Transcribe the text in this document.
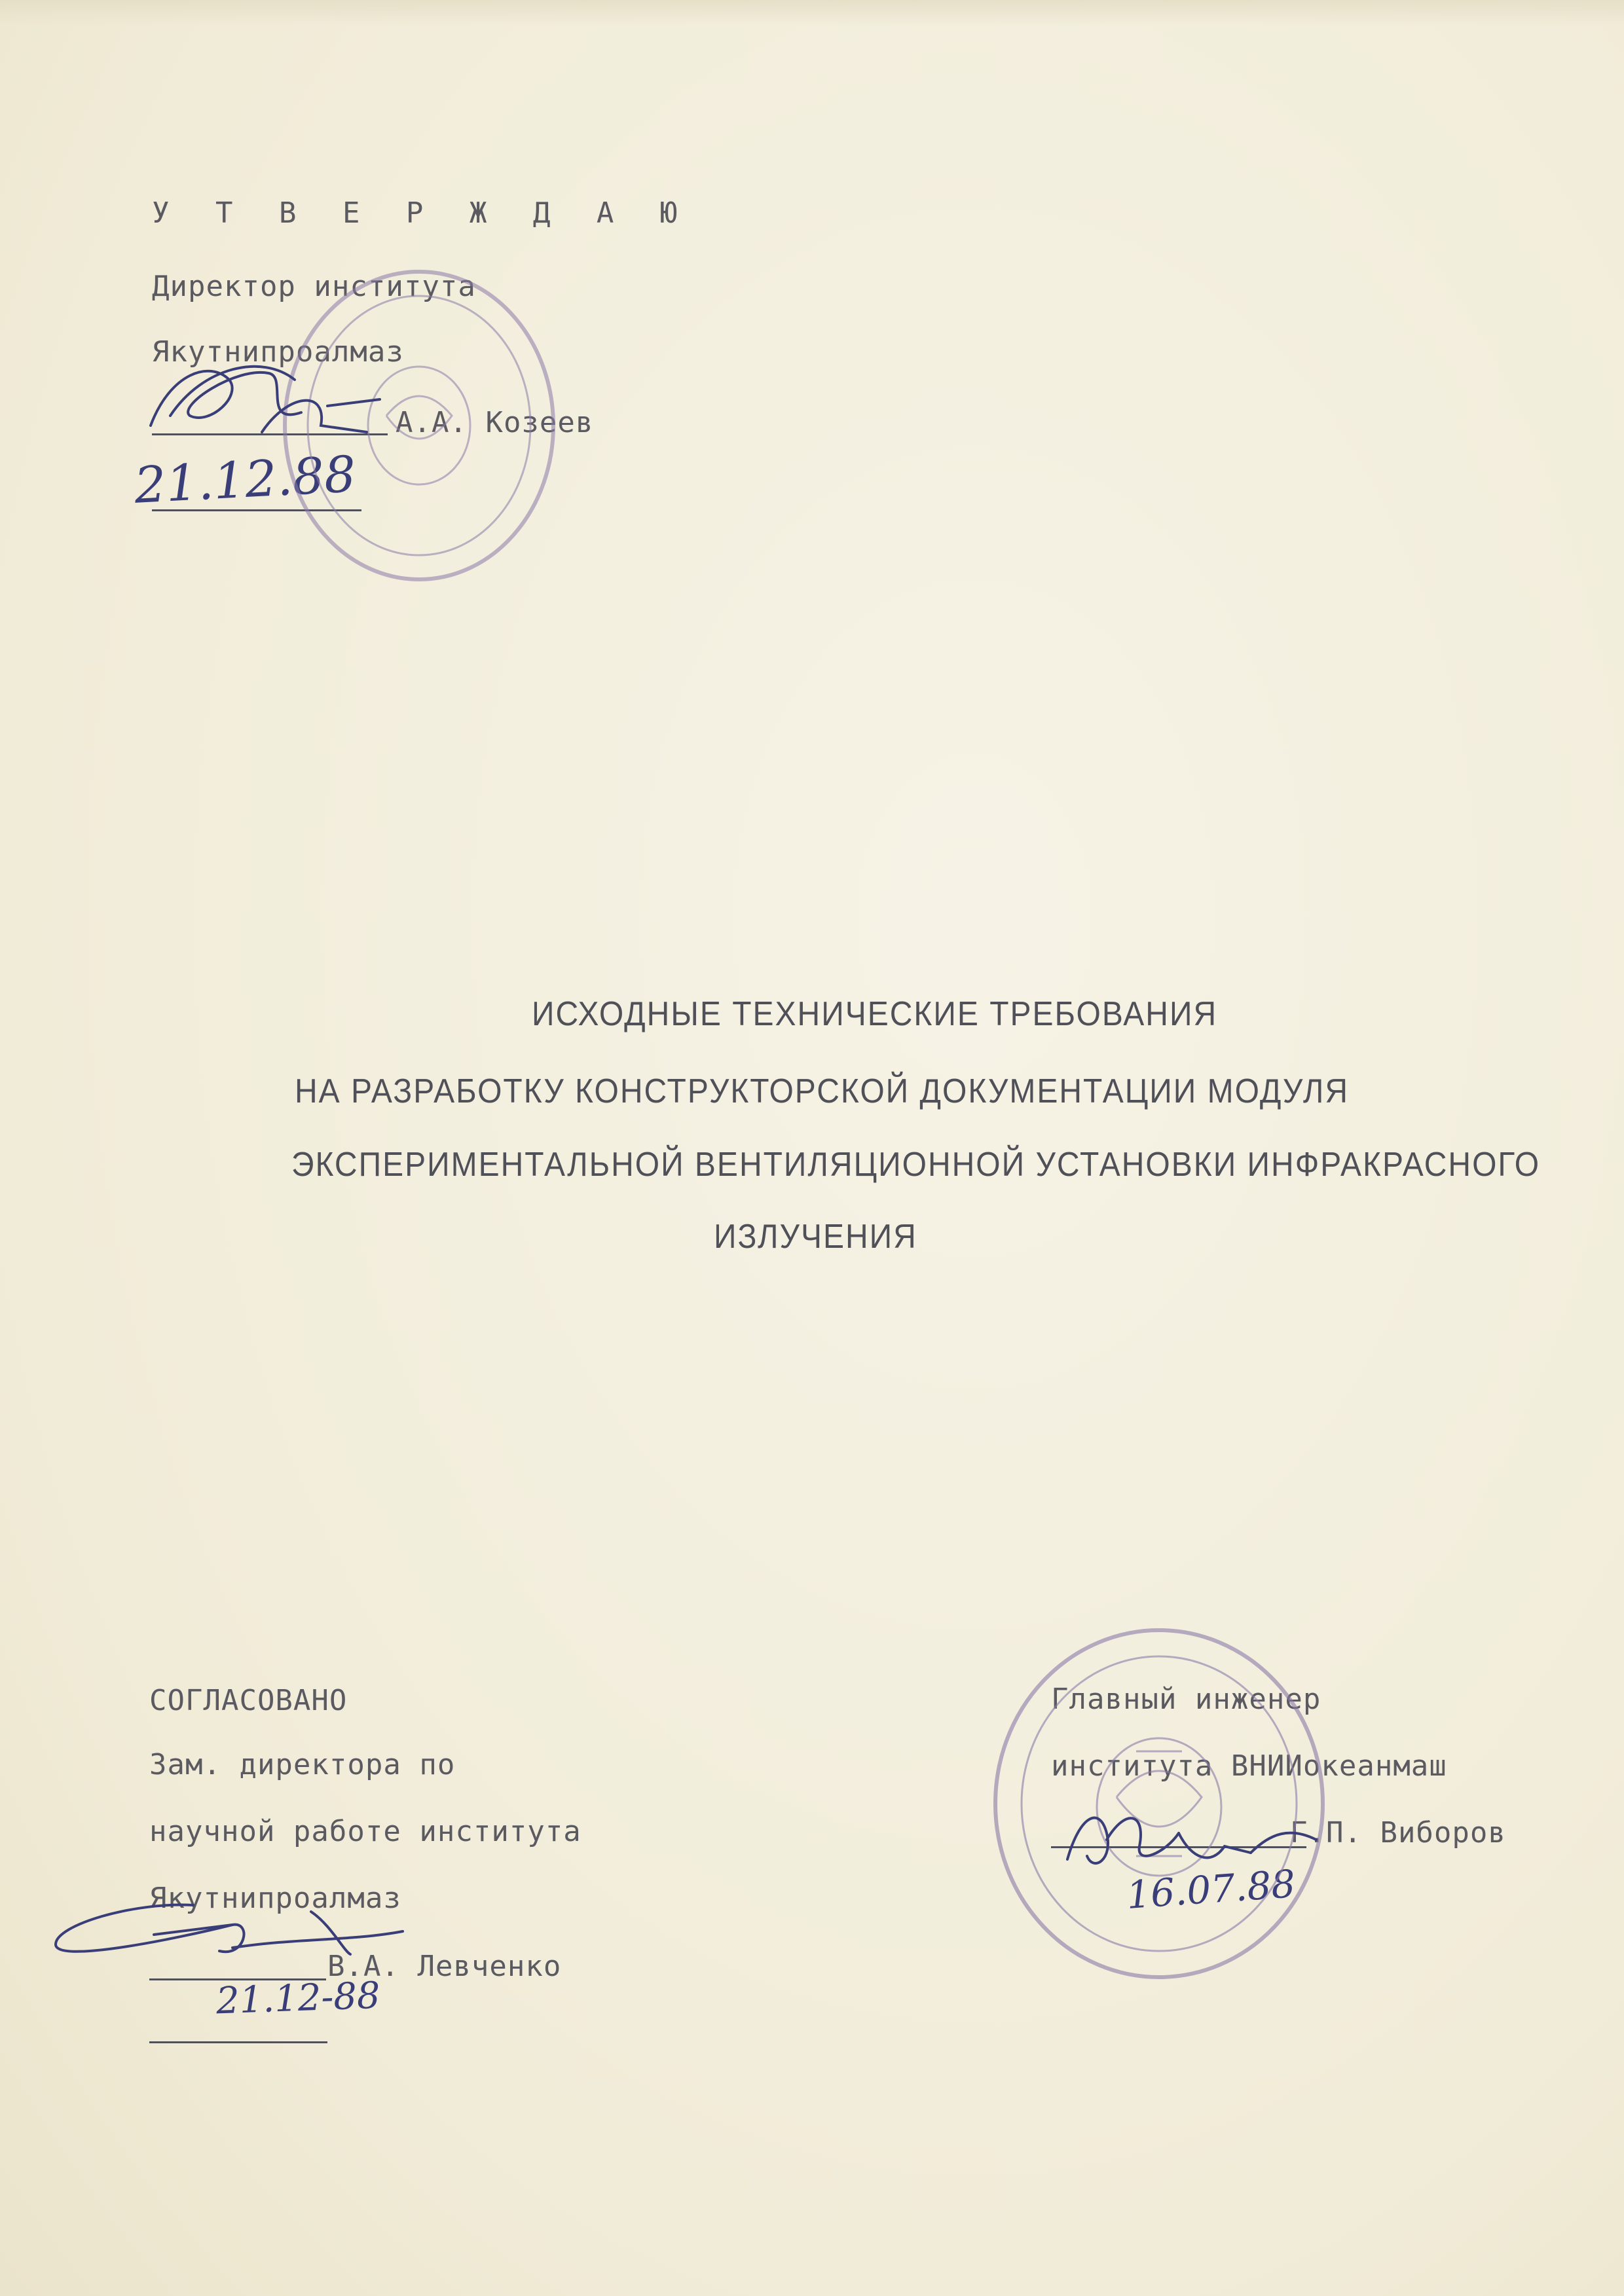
У Т В Е Р Ж Д А Ю
Директор института
Якутнипроалмаз
А.А. Козеев
21.12.88
ИСХОДНЫЕ ТЕХНИЧЕСКИЕ ТРЕБОВАНИЯ
НА РАЗРАБОТКУ КОНСТРУКТОРСКОЙ ДОКУМЕНТАЦИИ МОДУЛЯ
ЭКСПЕРИМЕНТАЛЬНОЙ ВЕНТИЛЯЦИОННОЙ УСТАНОВКИ ИНФРАКРАСНОГО
ИЗЛУЧЕНИЯ
СОГЛАСОВАНО
Зам. директора по
научной работе института
Якутнипроалмаз
В.А. Левченко
21.12-88
Главный инженер
института ВНИИокеанмаш
Г.П. Виборов
16.07.88
